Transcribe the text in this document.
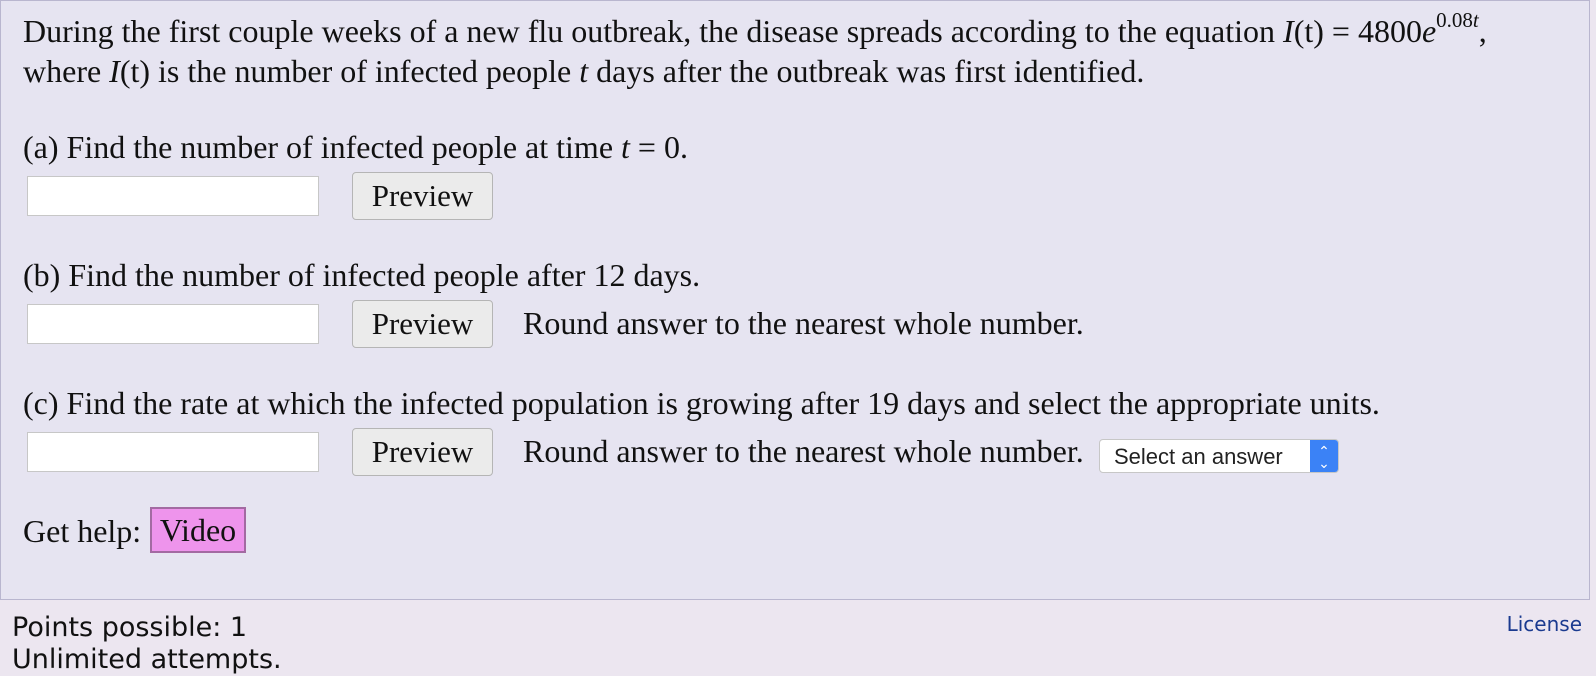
During the first couple weeks of a new flu outbreak, the disease spreads according to the equation $I(t) = 4800e^{0.08t}$,
where I(t) is the number of infected people t days after the outbreak was first identified.
(a) Find the number of infected people at time t = 0.
Preview
(b) Find the number of infected people after 12 days.
Preview	Round answer to the nearest whole number.
(c) Find the rate at which the infected population is growing after 19 days and select the appropriate units.
Preview	Round answer to the nearest whole number. Select an answer	⌃
⌄
Get help: Video
Points possible: 1
Unlimited attempts.
License
